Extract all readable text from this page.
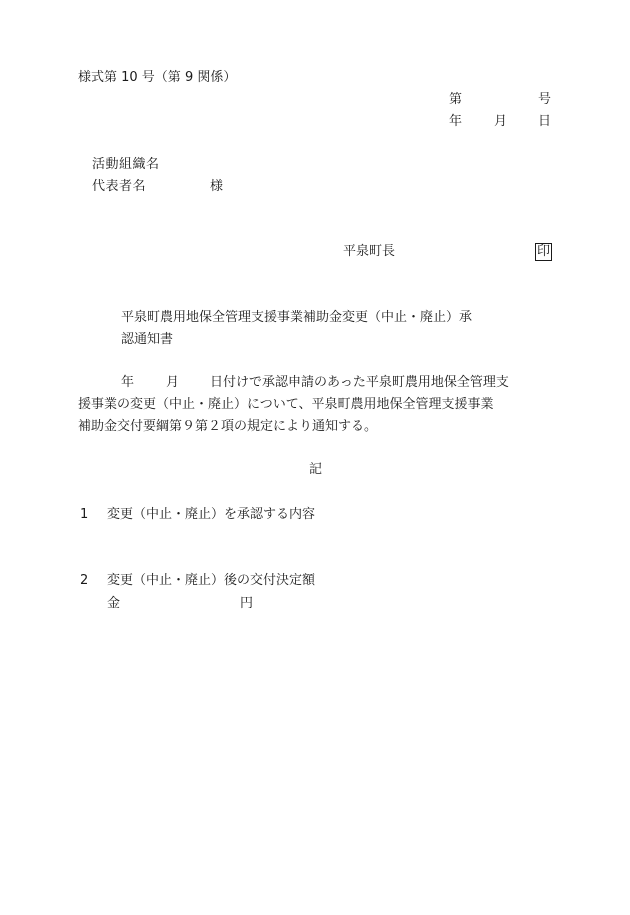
様式第 10 号（第 9 関係）
第	号
年 月 日
活動組織名
代表者名	様
平泉町長	印
平泉町農用地保全管理支援事業補助金変更（中止・廃止）承
認通知書
年 月 日付けで承認申請のあった平泉町農用地保全管理支
援事業の変更（中止・廃止）について、平泉町農用地保全管理支援事業
補助金交付要綱第９第２項の規定により通知する。
記
1 変更（中止・廃止）を承認する内容
2 変更（中止・廃止）後の交付決定額
金	円
